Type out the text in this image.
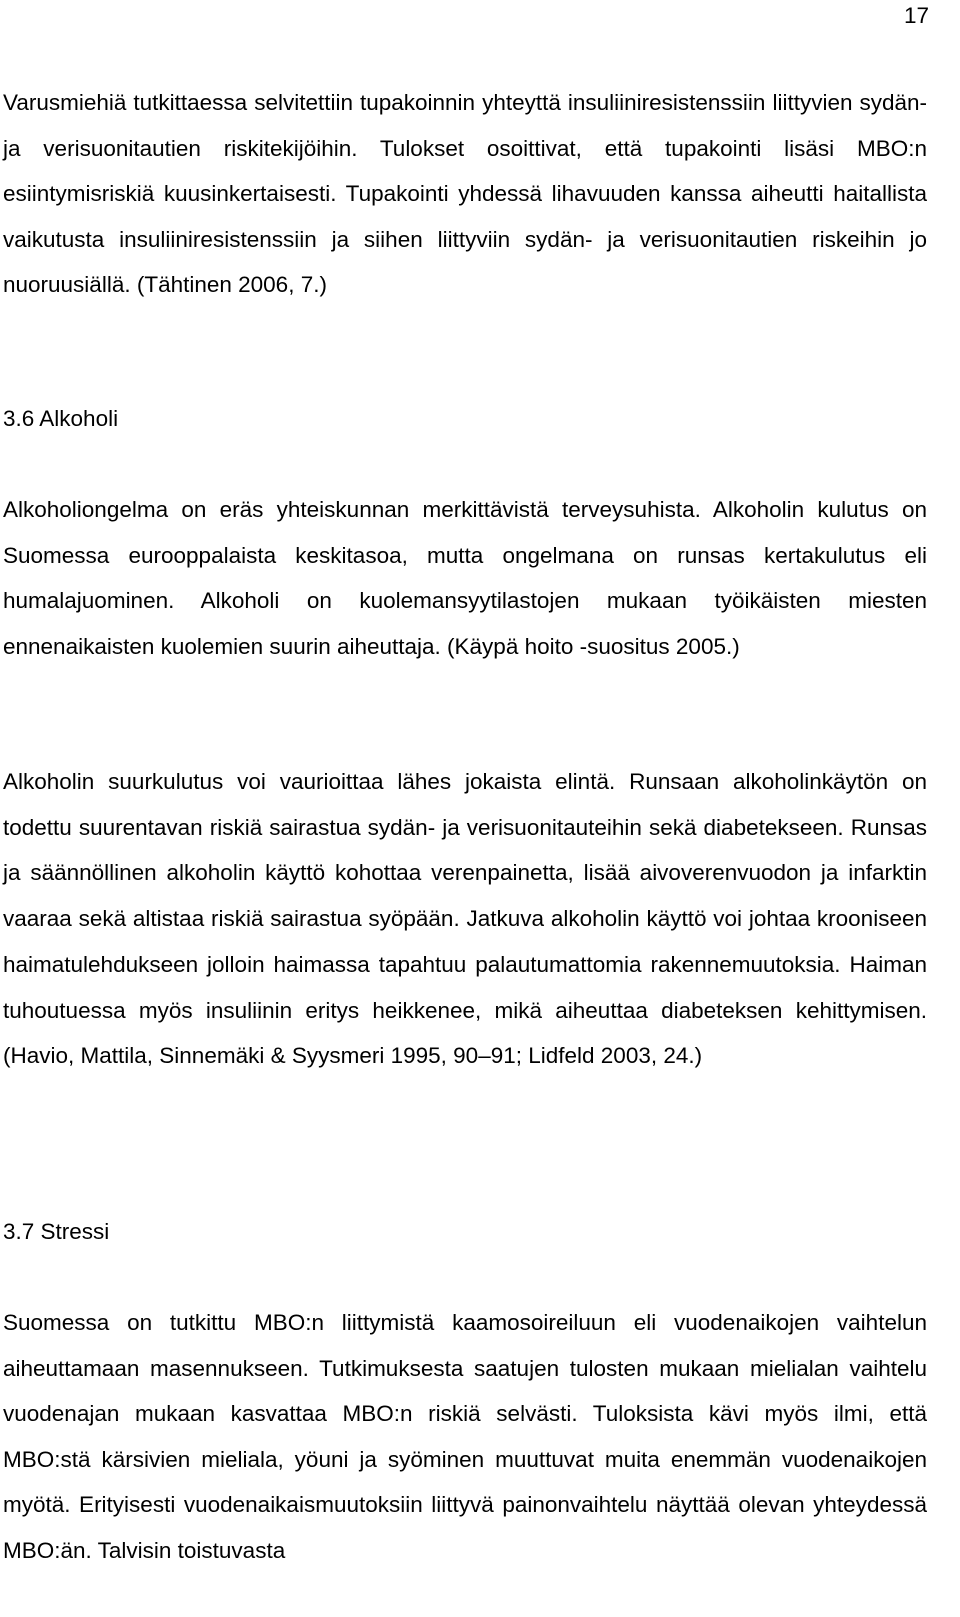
17

Varusmiehiä tutkittaessa selvitettiin tupakoinnin yhteyttä insuliiniresistenssiin liittyvien sydän- ja verisuonitautien riskitekijöihin. Tulokset osoittivat, että tupakointi lisäsi MBO:n esiintymisriskiä kuusinkertaisesti. Tupakointi yhdessä lihavuuden kanssa aiheutti haitallista vaikutusta insuliiniresistenssiin ja siihen liittyviin sydän- ja verisuonitautien riskeihin jo nuoruusiällä. (Tähtinen 2006, 7.)

3.6 Alkoholi

Alkoholiongelma on eräs yhteiskunnan merkittävistä terveysuhista. Alkoholin kulutus on Suomessa eurooppalaista keskitasoa, mutta ongelmana on runsas kertakulutus eli humalajuominen. Alkoholi on kuolemansyytilastojen mukaan työikäisten miesten ennenaikaisten kuolemien suurin aiheuttaja. (Käypä hoito -suositus 2005.)

Alkoholin suurkulutus voi vaurioittaa lähes jokaista elintä. Runsaan alkoholinkäytön on todettu suurentavan riskiä sairastua sydän- ja verisuonitauteihin sekä diabetekseen. Runsas ja säännöllinen alkoholin käyttö kohottaa verenpainetta, lisää aivoverenvuodon ja infarktin vaaraa sekä altistaa riskiä sairastua syöpään. Jatkuva alkoholin käyttö voi johtaa krooniseen haimatulehdukseen jolloin haimassa tapahtuu palautumattomia rakennemuutoksia. Haiman tuhoutuessa myös insuliinin eritys heikkenee, mikä aiheuttaa diabeteksen kehittymisen. (Havio, Mattila, Sinnemäki & Syysmeri 1995, 90–91; Lidfeld 2003, 24.)

3.7 Stressi

Suomessa on tutkittu MBO:n liittymistä kaamosoireiluun eli vuodenaikojen vaihtelun aiheuttamaan masennukseen. Tutkimuksesta saatujen tulosten mukaan mielialan vaihtelu vuodenajan mukaan kasvattaa MBO:n riskiä selvästi. Tuloksista kävi myös ilmi, että MBO:stä kärsivien mieliala, yöuni ja syöminen muuttuvat muita enemmän vuodenaikojen myötä. Erityisesti vuodenaikaismuutoksiin liittyvä painonvaihtelu näyttää olevan yhteydessä MBO:än. Talvisin toistuvasta
